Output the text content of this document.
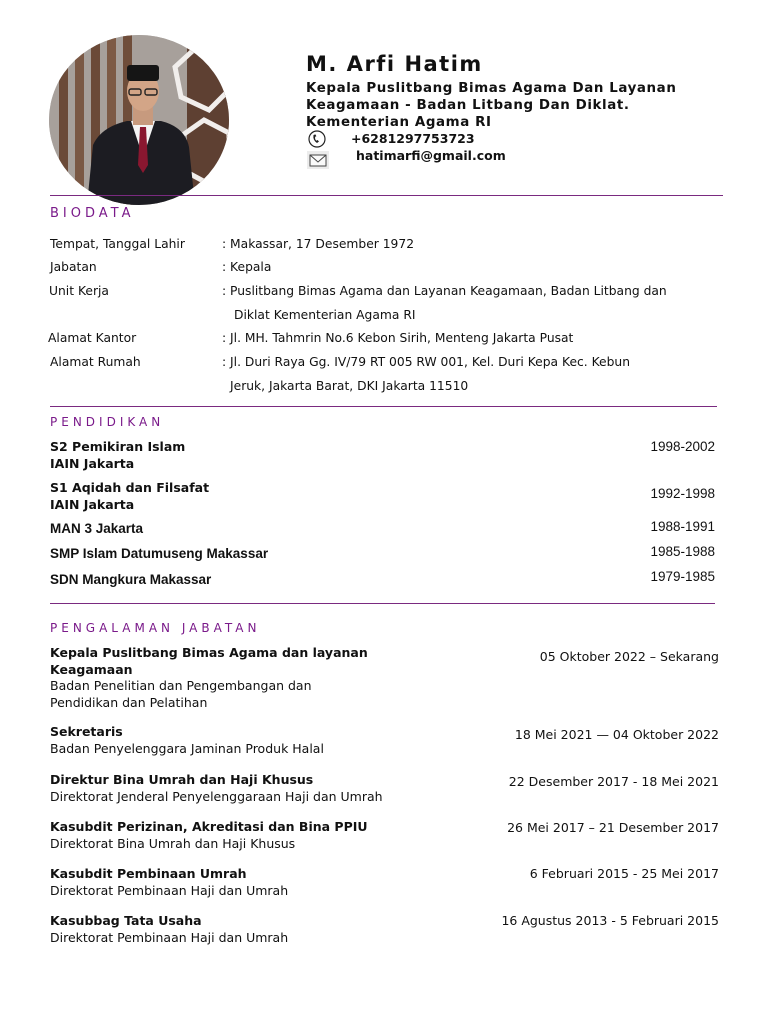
M. Arfi Hatim
Kepala Puslitbang Bimas Agama Dan Layanan
Keagamaan - Badan Litbang Dan Diklat.
Kementerian Agama RI
+6281297753723
hatimarfi@gmail.com
BIODATA
Tempat, Tanggal Lahir	: Makassar, 17 Desember 1972
Jabatan	: Kepala
Unit Kerja	: Puslitbang Bimas Agama dan Layanan Keagamaan, Badan Litbang dan
Diklat Kementerian Agama RI
Alamat Kantor	: Jl. MH. Tahmrin No.6 Kebon Sirih, Menteng Jakarta Pusat
Alamat Rumah	: Jl. Duri Raya Gg. IV/79 RT 005 RW 001, Kel. Duri Kepa Kec. Kebun
Jeruk, Jakarta Barat, DKI Jakarta 11510
PENDIDIKAN
S2 Pemikiran Islam
IAIN Jakarta
1998-2002
S1 Aqidah dan Filsafat
IAIN Jakarta
1992-1998
MAN 3 Jakarta	1988-1991
SMP Islam Datumuseng Makassar	1985-1988
SDN Mangkura Makassar	1979-1985
PENGALAMAN JABATAN
Kepala Puslitbang Bimas Agama dan layanan
Keagamaan
Badan Penelitian dan Pengembangan dan
Pendidikan dan Pelatihan
05 Oktober 2022 – Sekarang
Sekretaris
Badan Penyelenggara Jaminan Produk Halal
18 Mei 2021 — 04 Oktober 2022
Direktur Bina Umrah dan Haji Khusus
Direktorat Jenderal Penyelenggaraan Haji dan Umrah
22 Desember 2017 - 18 Mei 2021
Kasubdit Perizinan, Akreditasi dan Bina PPIU
Direktorat Bina Umrah dan Haji Khusus
26 Mei 2017 – 21 Desember 2017
Kasubdit Pembinaan Umrah
Direktorat Pembinaan Haji dan Umrah
6 Februari 2015 - 25 Mei 2017
Kasubbag Tata Usaha
Direktorat Pembinaan Haji dan Umrah
16 Agustus 2013 - 5 Februari 2015
